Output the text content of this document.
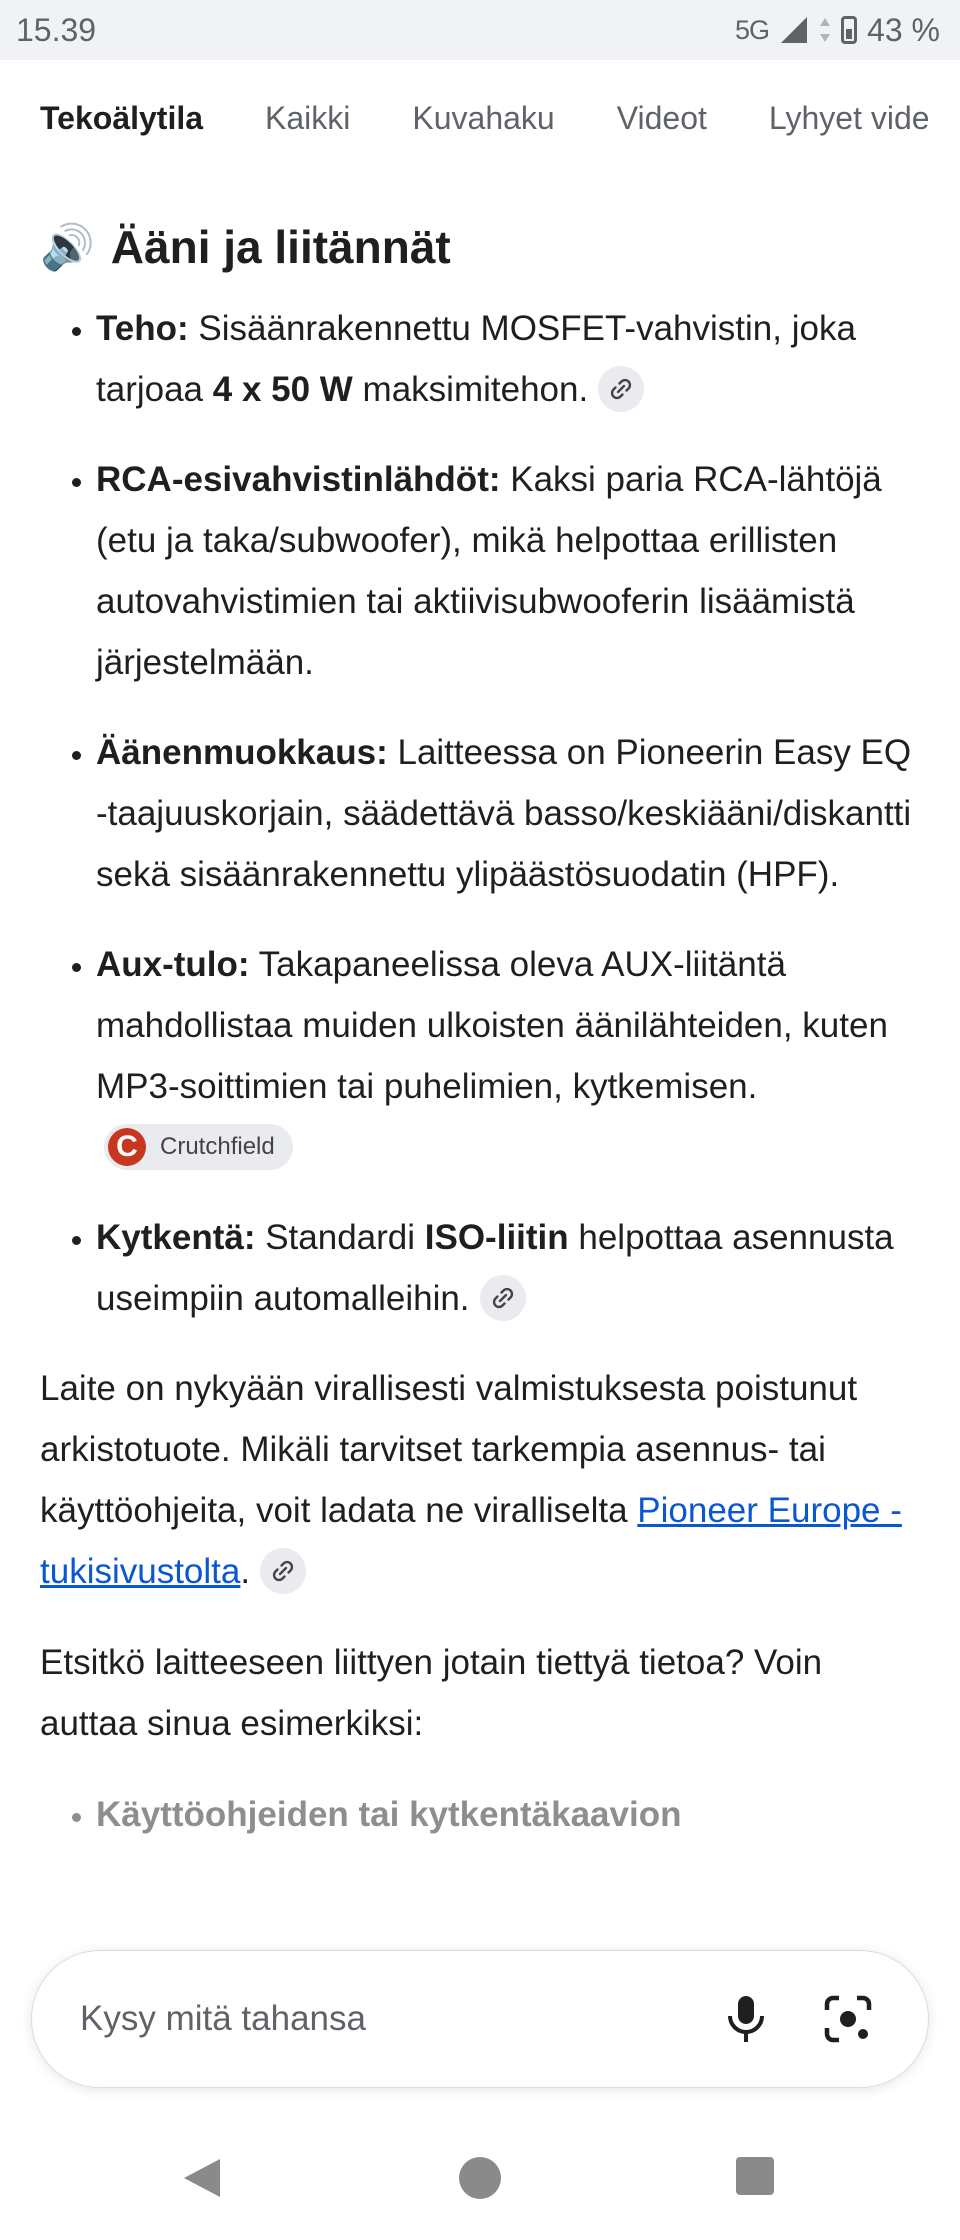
15.39	5G	43 %
Tekoälytila Kaikki Kuvahaku Videot Lyhyet vide
🔊 Ääni ja liitännät
• Teho: Sisäänrakennettu MOSFET-vahvistin, joka tarjoaa 4 x 50 W maksimitehon.
• RCA-esivahvistinlähdöt: Kaksi paria RCA-lähtöjä (etu ja taka/subwoofer), mikä helpottaa erillisten autovahvistimien tai aktiivisubwooferin lisäämistä järjestelmään.
• Äänenmuokkaus: Laitteessa on Pioneerin Easy EQ -taajuuskorjain, säädettävä basso/keskiääni/diskantti sekä sisäänrakennettu ylipäästösuodatin (HPF).
• Aux-tulo: Takapaneelissa oleva AUX-liitäntä mahdollistaa muiden ulkoisten äänilähteiden, kuten MP3-soittimien tai puhelimien, kytkemisen.
C Crutchfield
• Kytkentä: Standardi ISO-liitin helpottaa asennusta useimpiin automalleihin.

Laite on nykyään virallisesti valmistuksesta poistunut arkistotuote. Mikäli tarvitset tarkempia asennus- tai käyttöohjeita, voit ladata ne viralliselta Pioneer Europe -tukisivustolta.

Etsitkö laitteeseen liittyen jotain tiettyä tietoa? Voin auttaa sinua esimerkiksi:

• Käyttöohjeiden tai kytkentäkaavion
Kysy mitä tahansa
